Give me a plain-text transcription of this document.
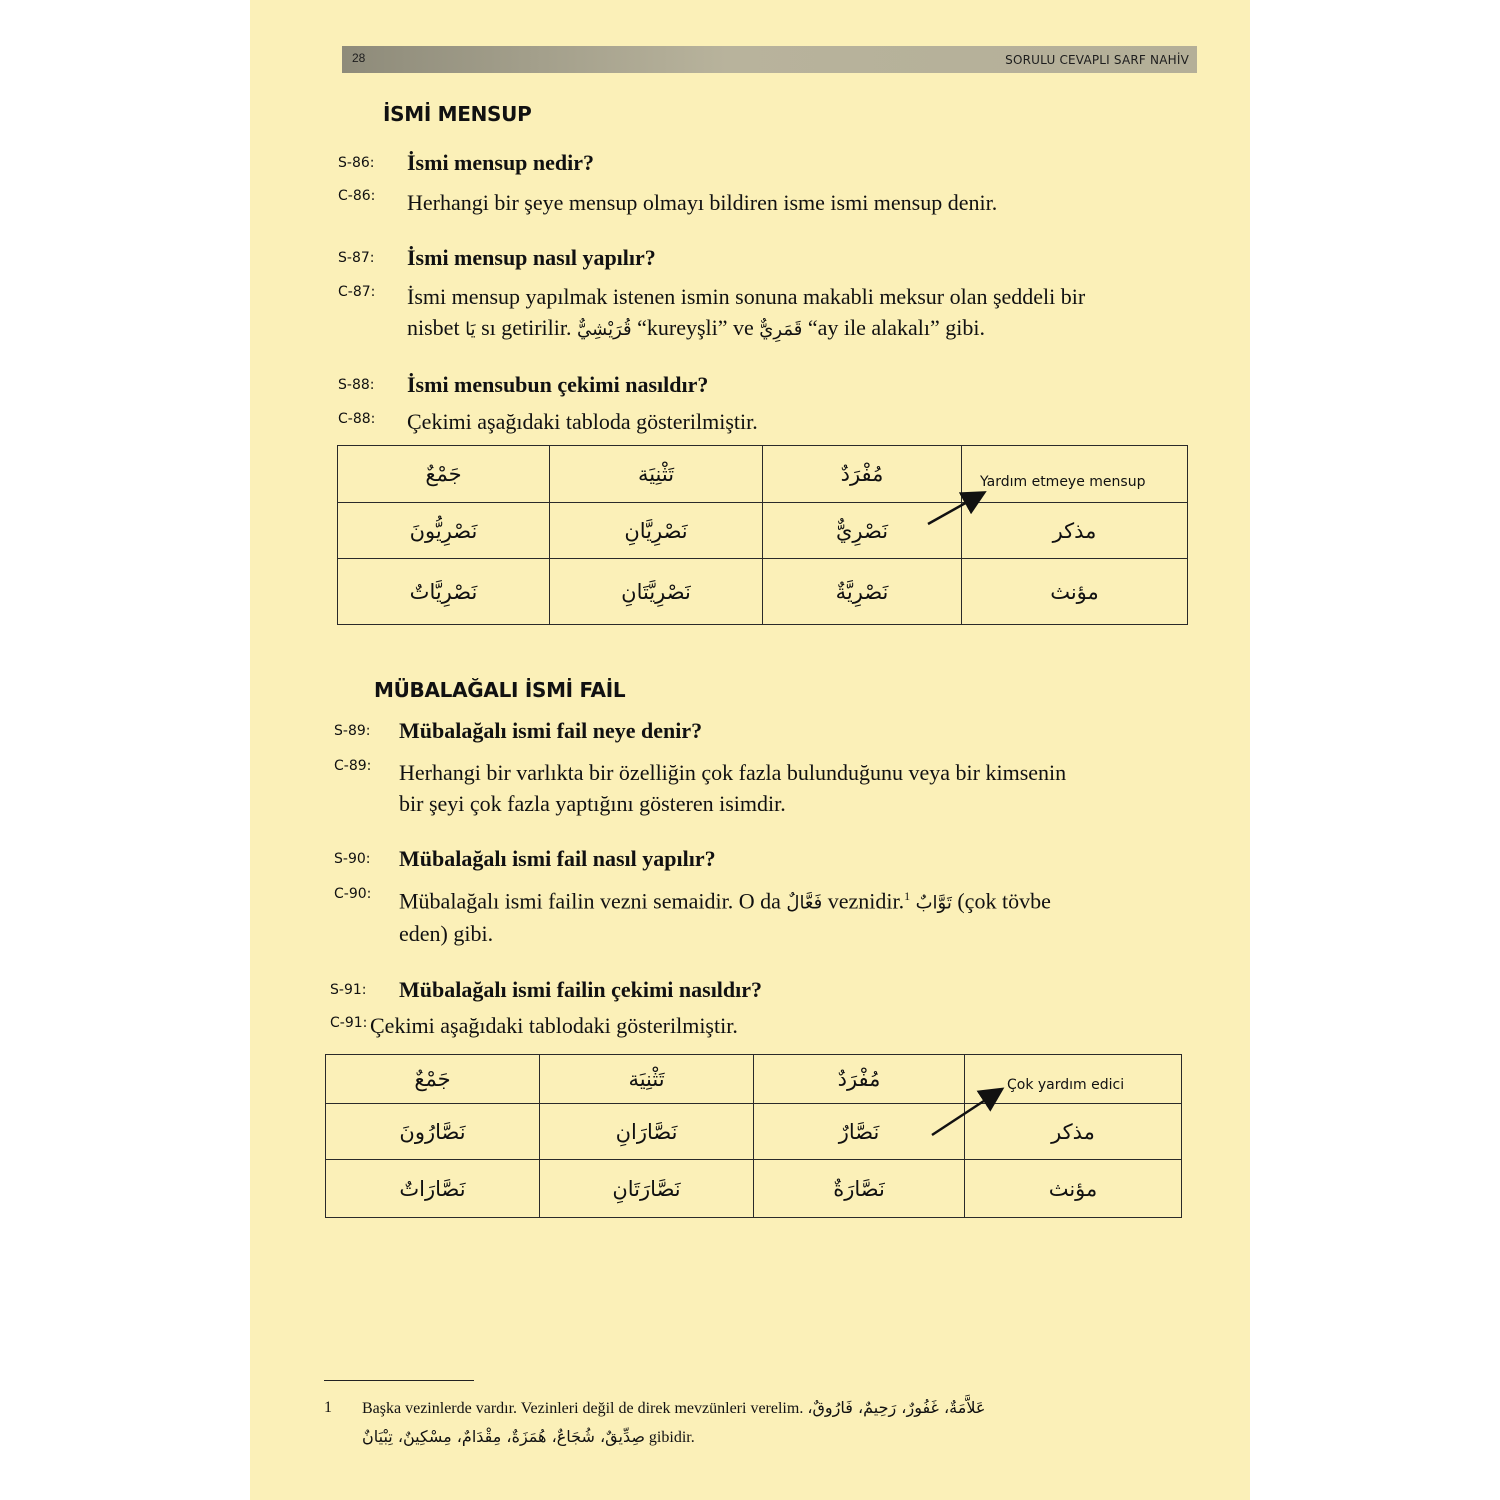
28	SORULU CEVAPLI SARF NAHİV
İSMİ MENSUP
S-86: İsmi mensup nedir?
C-86: Herhangi bir şeye mensup olmayı bildiren isme ismi mensup denir.
S-87: İsmi mensup nasıl yapılır?
C-87: İsmi mensup yapılmak istenen ismin sonuna makabli meksur olan şeddeli bir
nisbet يَا sı getirilir. قُرَيْشِيٌّ “kureyşli” ve قَمَرِيٌّ “ay ile alakalı” gibi.
S-88: İsmi mensubun çekimi nasıldır?
C-88: Çekimi aşağıdaki tabloda gösterilmiştir.
جَمْعٌ	تَثْنِيَة	مُفْرَدٌ	Yardım etmeye mensup

نَصْرِيُّونَ	نَصْرِيَّانِ	نَصْرِيٌّ	مذكر
نَصْرِيَّاتٌ	نَصْرِيَّتَانِ	نَصْرِيَّةٌ	مؤنث
MÜBALAĞALI İSMİ FAİL
S-89: Mübalağalı ismi fail neye denir?
C-89: Herhangi bir varlıkta bir özelliğin çok fazla bulunduğunu veya bir kimsenin
bir şeyi çok fazla yaptığını gösteren isimdir.
S-90: Mübalağalı ismi fail nasıl yapılır?
C-90: Mübalağalı ismi failin vezni semaidir. O da فَعَّالٌ veznidir.$^1$ تَوَّابٌ (çok tövbe
eden) gibi.
S-91: Mübalağalı ismi failin çekimi nasıldır?
C-91: Çekimi aşağıdaki tablodaki gösterilmiştir.
جَمْعٌ	تَثْنِيَة	مُفْرَدٌ	Çok yardım edici

نَصَّارُونَ	نَصَّارَانِ	نَصَّارٌ	مذكر
نَصَّارَاتٌ	نَصَّارَتَانِ	نَصَّارَةٌ	مؤنث
1 Başka vezinlerde vardır. Vezinleri değil de direk mevzünleri verelim. عَلاَّمَةٌ، غَفُورٌ، رَحِيمٌ، فَارُوقٌ،
صِدِّيقٌ، شُجَاعٌ، هُمَزَةٌ، مِقْدَامٌ، مِسْكِينٌ، تِبْيَانٌ gibidir.
